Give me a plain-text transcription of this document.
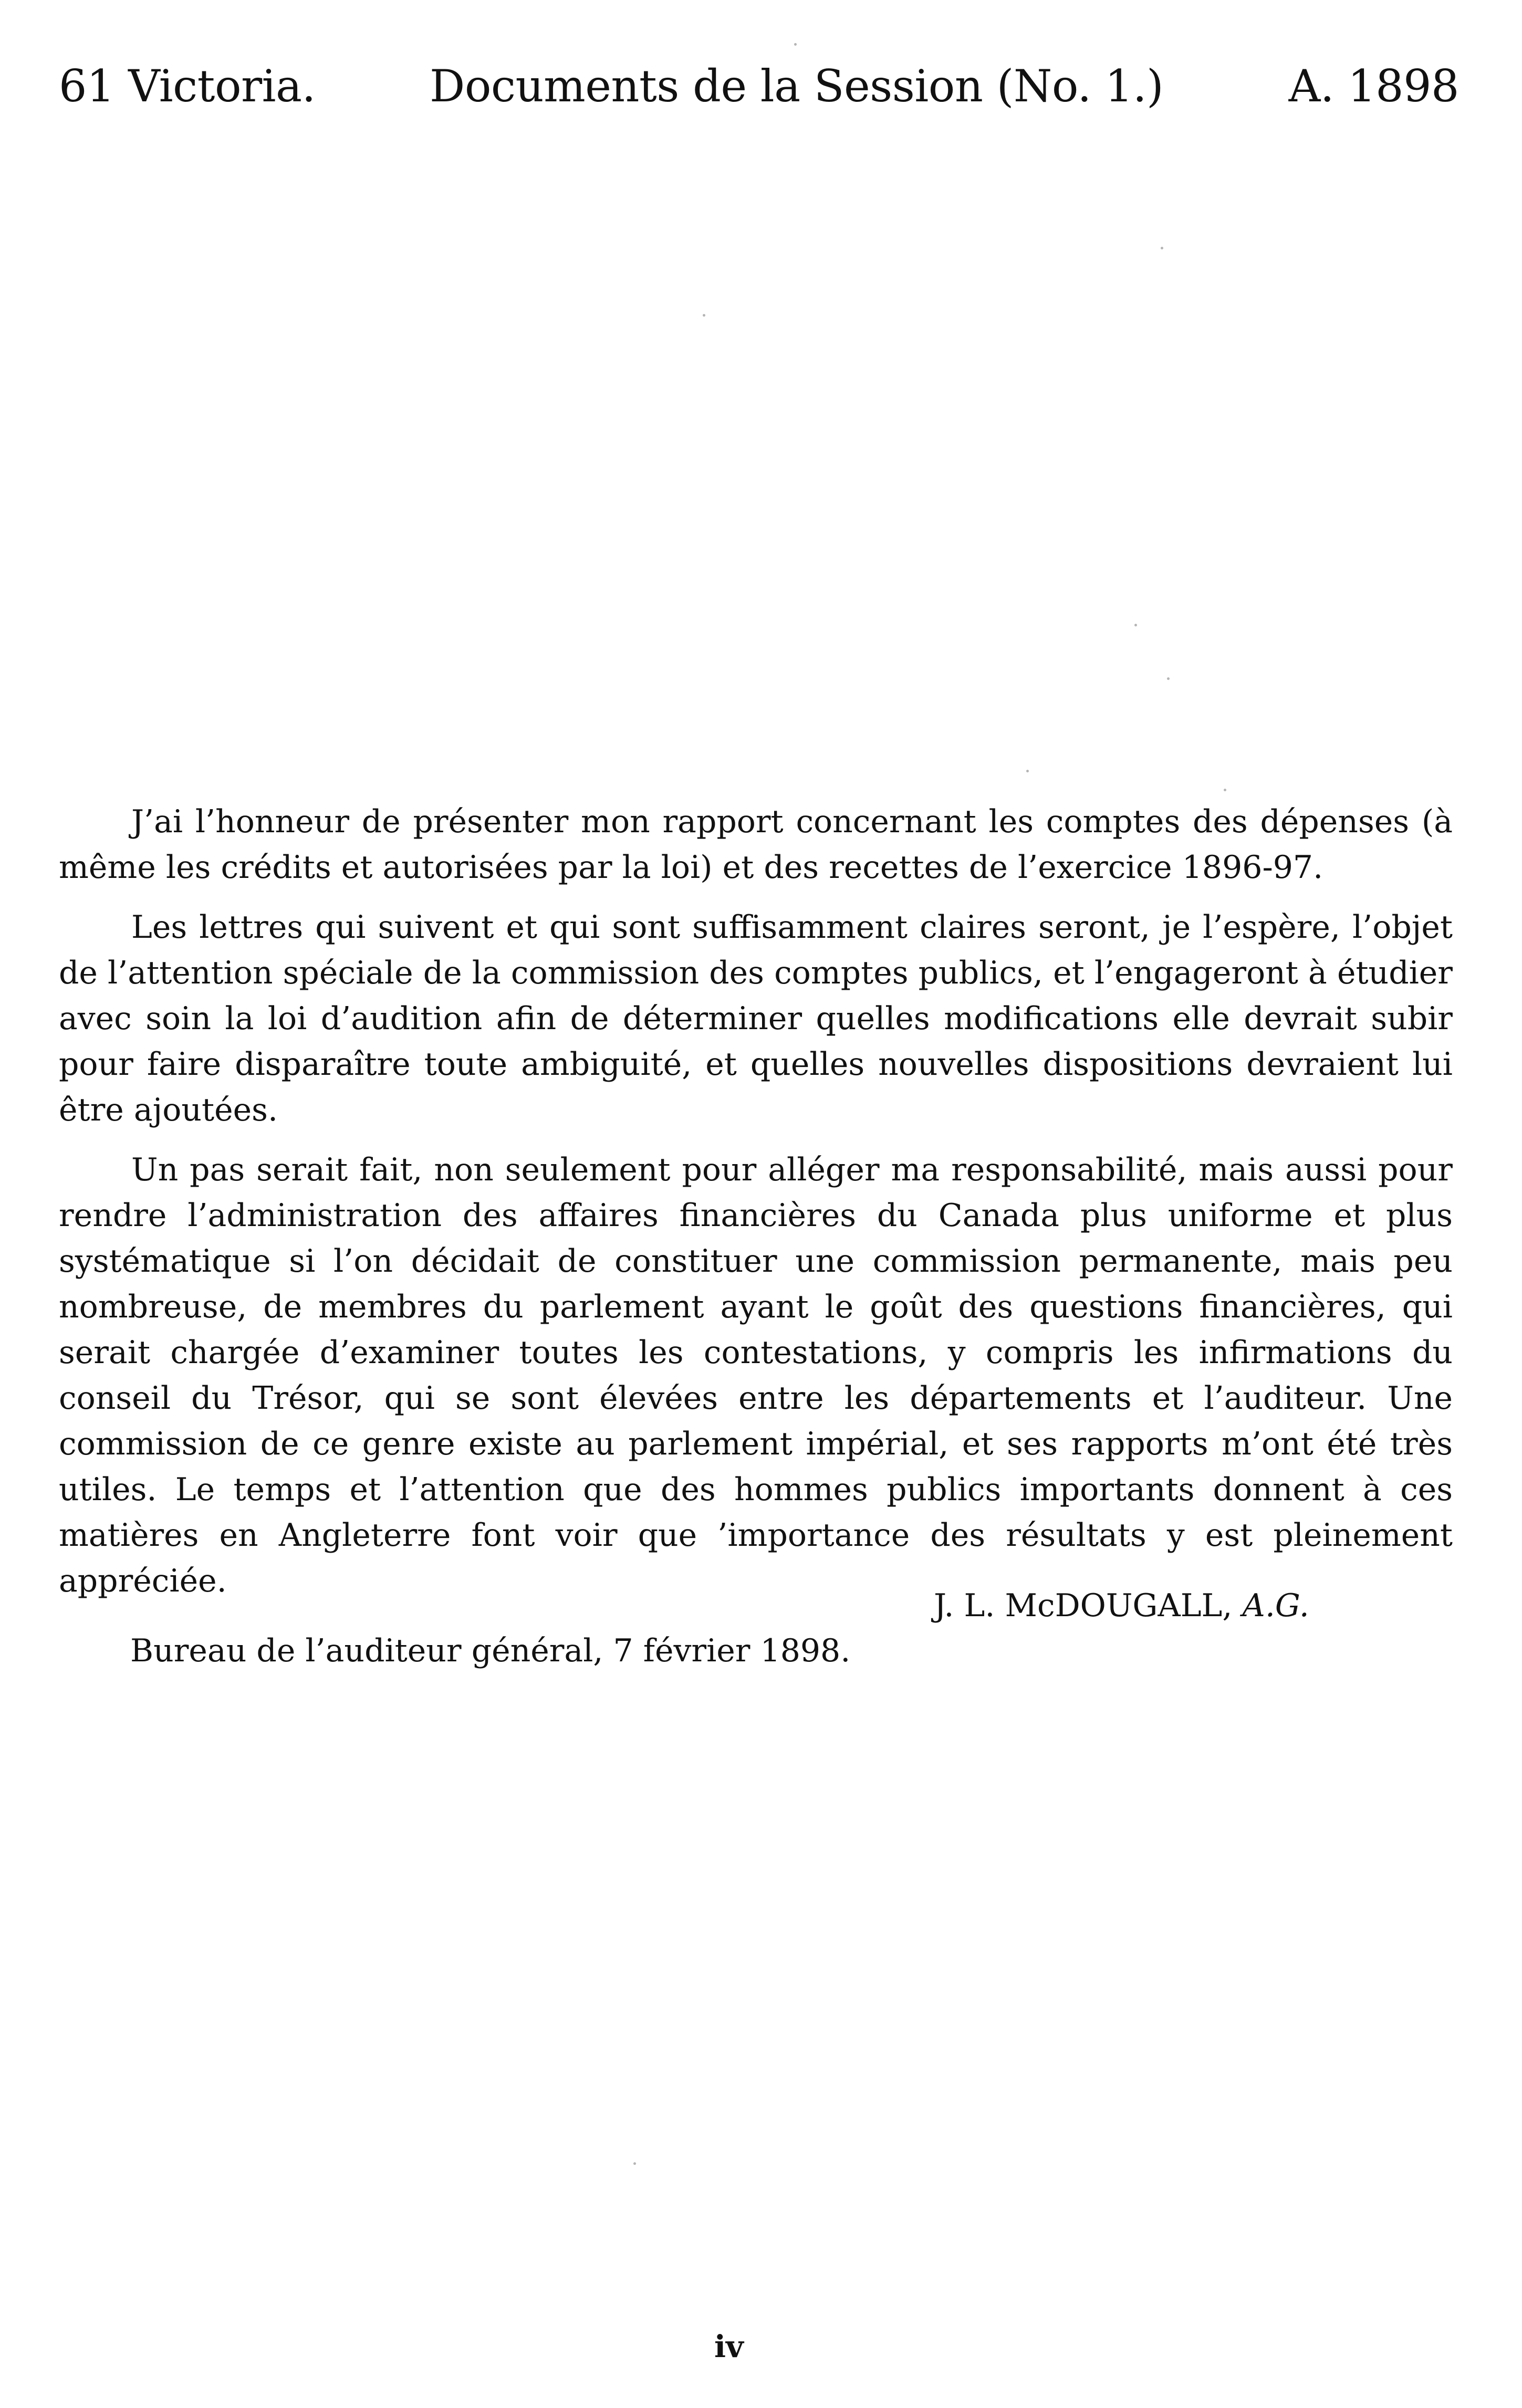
61 Victoria.	Documents de la Session (No. 1.)	A. 1898

J’ai l’honneur de présenter mon rapport concernant les comptes des dépenses (à même les crédits et autorisées par la loi) et des recettes de l’exercice 1896-97.

Les lettres qui suivent et qui sont suffisamment claires seront, je l’espère, l’objet de l’attention spéciale de la commission des comptes publics, et l’engageront à étudier avec soin la loi d’audition afin de déterminer quelles modifications elle devrait subir pour faire disparaître toute ambiguité, et quelles nouvelles dispositions devraient lui être ajoutées.

Un pas serait fait, non seulement pour alléger ma responsabilité, mais aussi pour rendre l’administration des affaires financières du Canada plus uniforme et plus systématique si l’on décidait de constituer une commission permanente, mais peu nombreuse, de membres du parlement ayant le goût des questions financières, qui serait chargée d’examiner toutes les contestations, y compris les infirmations du conseil du Trésor, qui se sont élevées entre les départements et l’auditeur. Une commission de ce genre existe au parlement impérial, et ses rapports m’ont été très utiles. Le temps et l’attention que des hommes publics importants donnent à ces matières en Angleterre font voir que ’importance des résultats y est pleinement appréciée.

J. L. McDOUGALL, A.G.
Bureau de l’auditeur général, 7 février 1898.
iv
